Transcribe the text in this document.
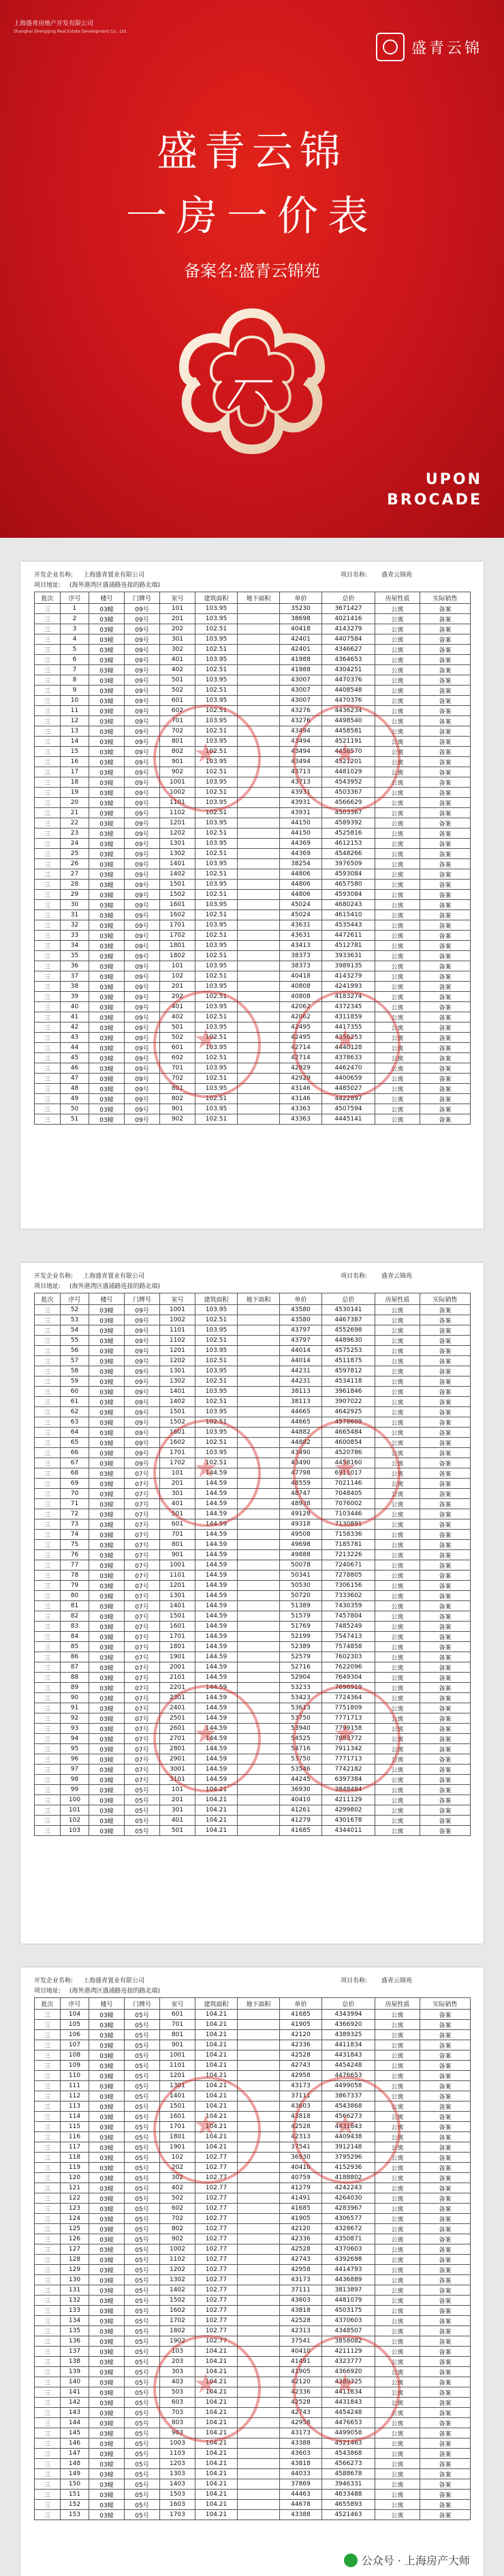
上海盛青房地产开发有限公司
Shanghai Shengqing Real Estate Development Co., Ltd.
盛青云锦
盛青云锦
一房一价表
备案名:盛青云锦苑
UPON
BROCADE
开发企业名称: 上海盛青置业有限公司	项目名称: 盛青云锦苑
项目地址: (海外港湾区盛浦路连接的路北端)
批次	序号	楼号	门牌号	室号	建筑面积	地下面积	单价	总价	房屋性质	实际销售
三	1	03幢	09号	101	103.95		35230	3671427	公寓	备案
三	2	03幢	09号	201	103.95		38698	4021416	公寓	备案
三	3	03幢	09号	202	102.51		40418	4143279	公寓	备案
三	4	03幢	09号	301	103.95		42401	4407584	公寓	备案
三	5	03幢	09号	302	102.51		42401	4346627	公寓	备案
三	6	03幢	09号	401	103.95		41988	4364653	公寓	备案
三	7	03幢	09号	402	102.51		41988	4304251	公寓	备案
三	8	03幢	09号	501	103.95		43007	4470376	公寓	备案
三	9	03幢	09号	502	102.51		43007	4408548	公寓	备案
三	10	03幢	09号	601	103.95		43007	4470376	公寓	备案
三	11	03幢	09号	602	102.51		43276	4436234	公寓	备案
三	12	03幢	09号	701	103.95		43276	4498540	公寓	备案
三	13	03幢	09号	702	102.51		43494	4458581	公寓	备案
三	14	03幢	09号	801	103.95		43494	4521191	公寓	备案
三	15	03幢	09号	802	102.51		43494	4458570	公寓	备案
三	16	03幢	09号	901	103.95		43494	4521201	公寓	备案
三	17	03幢	09号	902	102.51		43713	4481029	公寓	备案
三	18	03幢	09号	1001	103.95		43713	4543952	公寓	备案
三	19	03幢	09号	1002	102.51		43931	4503367	公寓	备案
三	20	03幢	09号	1101	103.95		43931	4566629	公寓	备案
三	21	03幢	09号	1102	102.51		43931	4503367	公寓	备案
三	22	03幢	09号	1201	103.95		44150	4589392	公寓	备案
三	23	03幢	09号	1202	102.51		44150	4525816	公寓	备案
三	24	03幢	09号	1301	103.95		44369	4612153	公寓	备案
三	25	03幢	09号	1302	102.51		44369	4548266	公寓	备案
三	26	03幢	09号	1401	103.95		38254	3976509	公寓	备案
三	27	03幢	09号	1402	102.51		44806	4593084	公寓	备案
三	28	03幢	09号	1501	103.95		44806	4657580	公寓	备案
三	29	03幢	09号	1502	102.51		44806	4593084	公寓	备案
三	30	03幢	09号	1601	103.95		45024	4680243	公寓	备案
三	31	03幢	09号	1602	102.51		45024	4615410	公寓	备案
三	32	03幢	09号	1701	103.95		43631	4535443	公寓	备案
三	33	03幢	09号	1702	102.51		43631	4472611	公寓	备案
三	34	03幢	09号	1801	103.95		43413	4512781	公寓	备案
三	35	03幢	09号	1802	102.51		38373	3933631	公寓	备案
三	36	03幢	09号	101	103.95		38373	3989135	公寓	备案
三	37	03幢	09号	102	102.51		40418	4143279	公寓	备案
三	38	03幢	09号	201	103.95		40808	4241993	公寓	备案
三	39	03幢	09号	202	102.51		40808	4183274	公寓	备案
三	40	03幢	09号	401	103.95		42062	4372345	公寓	备案
三	41	03幢	09号	402	102.51		42062	4311859	公寓	备案
三	42	03幢	09号	501	103.95		42495	4417355	公寓	备案
三	43	03幢	09号	502	102.51		42495	4356253	公寓	备案
三	44	03幢	09号	601	103.95		42714	4440128	公寓	备案
三	45	03幢	09号	602	102.51		42714	4378633	公寓	备案
三	46	03幢	09号	701	103.95		42929	4462470	公寓	备案
三	47	03幢	09号	702	102.51		42929	4400659	公寓	备案
三	48	03幢	09号	801	103.95		43146	4485027	公寓	备案
三	49	03幢	09号	802	102.51		43146	4422897	公寓	备案
三	50	03幢	09号	901	103.95		43363	4507594	公寓	备案
三	51	03幢	09号	902	102.51		43363	4445141	公寓	备案
★
★
★
★
开发企业名称: 上海盛青置业有限公司	项目名称: 盛青云锦苑
项目地址: (海外港湾区盛浦路连接的路北端)
批次	序号	楼号	门牌号	室号	建筑面积	地下面积	单价	总价	房屋性质	实际销售
三	52	03幢	09号	1001	103.95		43580	4530141	公寓	备案
三	53	03幢	09号	1002	102.51		43580	4467387	公寓	备案
三	54	03幢	09号	1101	103.95		43797	4552698	公寓	备案
三	55	03幢	09号	1102	102.51		43797	4489630	公寓	备案
三	56	03幢	09号	1201	103.95		44014	4575253	公寓	备案
三	57	03幢	09号	1202	102.51		44014	4511875	公寓	备案
三	58	03幢	09号	1301	103.95		44231	4597812	公寓	备案
三	59	03幢	09号	1302	102.51		44231	4534118	公寓	备案
三	60	03幢	09号	1401	103.95		38113	3961846	公寓	备案
三	61	03幢	09号	1402	102.51		38113	3907022	公寓	备案
三	62	03幢	09号	1501	103.95		44665	4642925	公寓	备案
三	63	03幢	09号	1502	102.51		44665	4578609	公寓	备案
三	64	03幢	09号	1601	103.95		44882	4665484	公寓	备案
三	65	03幢	09号	1602	102.51		44882	4600854	公寓	备案
三	66	03幢	09号	1701	103.95		43490	4520786	公寓	备案
三	67	03幢	09号	1702	102.51		43490	4458160	公寓	备案
三	68	03幢	07号	101	144.59		47798	6911017	公寓	备案
三	69	03幢	07号	201	144.59		48559	7021146	公寓	备案
三	70	03幢	07号	301	144.59		48747	7048405	公寓	备案
三	71	03幢	07号	401	144.59		48938	7076002	公寓	备案
三	72	03幢	07号	501	144.59		49128	7103446	公寓	备案
三	73	03幢	07号	601	144.59		49318	7130891	公寓	备案
三	74	03幢	07号	701	144.59		49508	7158336	公寓	备案
三	75	03幢	07号	801	144.59		49698	7185781	公寓	备案
三	76	03幢	07号	901	144.59		49888	7213226	公寓	备案
三	77	03幢	07号	1001	144.59		50078	7240671	公寓	备案
三	78	03幢	07号	1101	144.59		50341	7278805	公寓	备案
三	79	03幢	07号	1201	144.59		50530	7306156	公寓	备案
三	80	03幢	07号	1301	144.59		50720	7333602	公寓	备案
三	81	03幢	07号	1401	144.59		51389	7430359	公寓	备案
三	82	03幢	07号	1501	144.59		51579	7457804	公寓	备案
三	83	03幢	07号	1601	144.59		51769	7485249	公寓	备案
三	84	03幢	07号	1701	144.59		52199	7547413	公寓	备案
三	85	03幢	07号	1801	144.59		52389	7574858	公寓	备案
三	86	03幢	07号	1901	144.59		52579	7602303	公寓	备案
三	87	03幢	07号	2001	144.59		52716	7622096	公寓	备案
三	88	03幢	07号	2101	144.59		52904	7649304	公寓	备案
三	89	03幢	07号	2201	144.59		53233	7696919	公寓	备案
三	90	03幢	07号	2301	144.59		53423	7724364	公寓	备案
三	91	03幢	07号	2401	144.59		53613	7751809	公寓	备案
三	92	03幢	07号	2501	144.59		53750	7771713	公寓	备案
三	93	03幢	07号	2601	144.59		53940	7799158	公寓	备案
三	94	03幢	07号	2701	144.59		54525	7883772	公寓	备案
三	95	03幢	07号	2801	144.59		54716	7911342	公寓	备案
三	96	03幢	07号	2901	144.59		53750	7771713	公寓	备案
三	97	03幢	07号	3001	144.59		53546	7742182	公寓	备案
三	98	03幢	07号	3101	144.59		44245	6397384	公寓	备案
三	99	03幢	05号	101	104.21		36930	3848484	公寓	备案
三	100	03幢	05号	201	104.21		40410	4211129	公寓	备案
三	101	03幢	05号	301	104.21		41261	4299802	公寓	备案
三	102	03幢	05号	401	104.21		41279	4301678	公寓	备案
三	103	03幢	05号	501	104.21		41685	4344011	公寓	备案
★
★
★
★
开发企业名称: 上海盛青置业有限公司	项目名称: 盛青云锦苑
项目地址: (海外港湾区盛浦路连接的路北端)
批次	序号	楼号	门牌号	室号	建筑面积	地下面积	单价	总价	房屋性质	实际销售
三	104	03幢	05号	601	104.21		41685	4343994	公寓	备案
三	105	03幢	05号	701	104.21		41905	4366920	公寓	备案
三	106	03幢	05号	801	104.21		42120	4389325	公寓	备案
三	107	03幢	05号	901	104.21		42336	4411834	公寓	备案
三	108	03幢	05号	1001	104.21		42528	4431843	公寓	备案
三	109	03幢	05号	1101	104.21		42743	4454248	公寓	备案
三	110	03幢	05号	1201	104.21		42958	4476653	公寓	备案
三	111	03幢	05号	1301	104.21		43173	4499058	公寓	备案
三	112	03幢	05号	1401	104.21		37111	3867337	公寓	备案
三	113	03幢	05号	1501	104.21		43603	4543868	公寓	备案
三	114	03幢	05号	1601	104.21		43818	4566273	公寓	备案
三	115	03幢	05号	1701	104.21		42528	4431843	公寓	备案
三	116	03幢	05号	1801	104.21		42313	4409438	公寓	备案
三	117	03幢	05号	1901	104.21		37541	3912148	公寓	备案
三	118	03幢	05号	102	102.77		36930	3795296	公寓	备案
三	119	03幢	05号	202	102.77		40410	4152936	公寓	备案
三	120	03幢	05号	302	102.77		40759	4188802	公寓	备案
三	121	03幢	05号	402	102.77		41279	4242243	公寓	备案
三	122	03幢	05号	502	102.77		41491	4264030	公寓	备案
三	123	03幢	05号	602	102.77		41685	4283967	公寓	备案
三	124	03幢	05号	702	102.77		41905	4306577	公寓	备案
三	125	03幢	05号	802	102.77		42120	4328672	公寓	备案
三	126	03幢	05号	902	102.77		42336	4350871	公寓	备案
三	127	03幢	05号	1002	102.77		42528	4370603	公寓	备案
三	128	03幢	05号	1102	102.77		42743	4392698	公寓	备案
三	129	03幢	05号	1202	102.77		42958	4414793	公寓	备案
三	130	03幢	05号	1302	102.77		43173	4436889	公寓	备案
三	131	03幢	05号	1402	102.77		37111	3813897	公寓	备案
三	132	03幢	05号	1502	102.77		43603	4481079	公寓	备案
三	133	03幢	05号	1602	102.77		43818	4503175	公寓	备案
三	134	03幢	05号	1702	102.77		42528	4370603	公寓	备案
三	135	03幢	05号	1802	102.77		42313	4348507	公寓	备案
三	136	03幢	05号	1902	102.77		37541	3858082	公寓	备案
三	137	03幢	05号	103	104.21		40410	4211129	公寓	备案
三	138	03幢	05号	203	104.21		41491	4323777	公寓	备案
三	139	03幢	05号	303	104.21		41905	4366920	公寓	备案
三	140	03幢	05号	403	104.21		42120	4389325	公寓	备案
三	141	03幢	05号	503	104.21		42336	4411834	公寓	备案
三	142	03幢	05号	603	104.21		42528	4431843	公寓	备案
三	143	03幢	05号	703	104.21		42743	4454248	公寓	备案
三	144	03幢	05号	803	104.21		42958	4476653	公寓	备案
三	145	03幢	05号	903	104.21		43173	4499058	公寓	备案
三	146	03幢	05号	1003	104.21		43388	4521463	公寓	备案
三	147	03幢	05号	1103	104.21		43603	4543868	公寓	备案
三	148	03幢	05号	1203	104.21		43818	4566273	公寓	备案
三	149	03幢	05号	1303	104.21		44033	4588678	公寓	备案
三	150	03幢	05号	1403	104.21		37869	3946331	公寓	备案
三	151	03幢	05号	1503	104.21		44463	4633488	公寓	备案
三	152	03幢	05号	1603	104.21		44678	4655893	公寓	备案
三	153	03幢	05号	1703	104.21		43388	4521463	公寓	备案
★
★
★
★
公众号 · 上海房产大师
